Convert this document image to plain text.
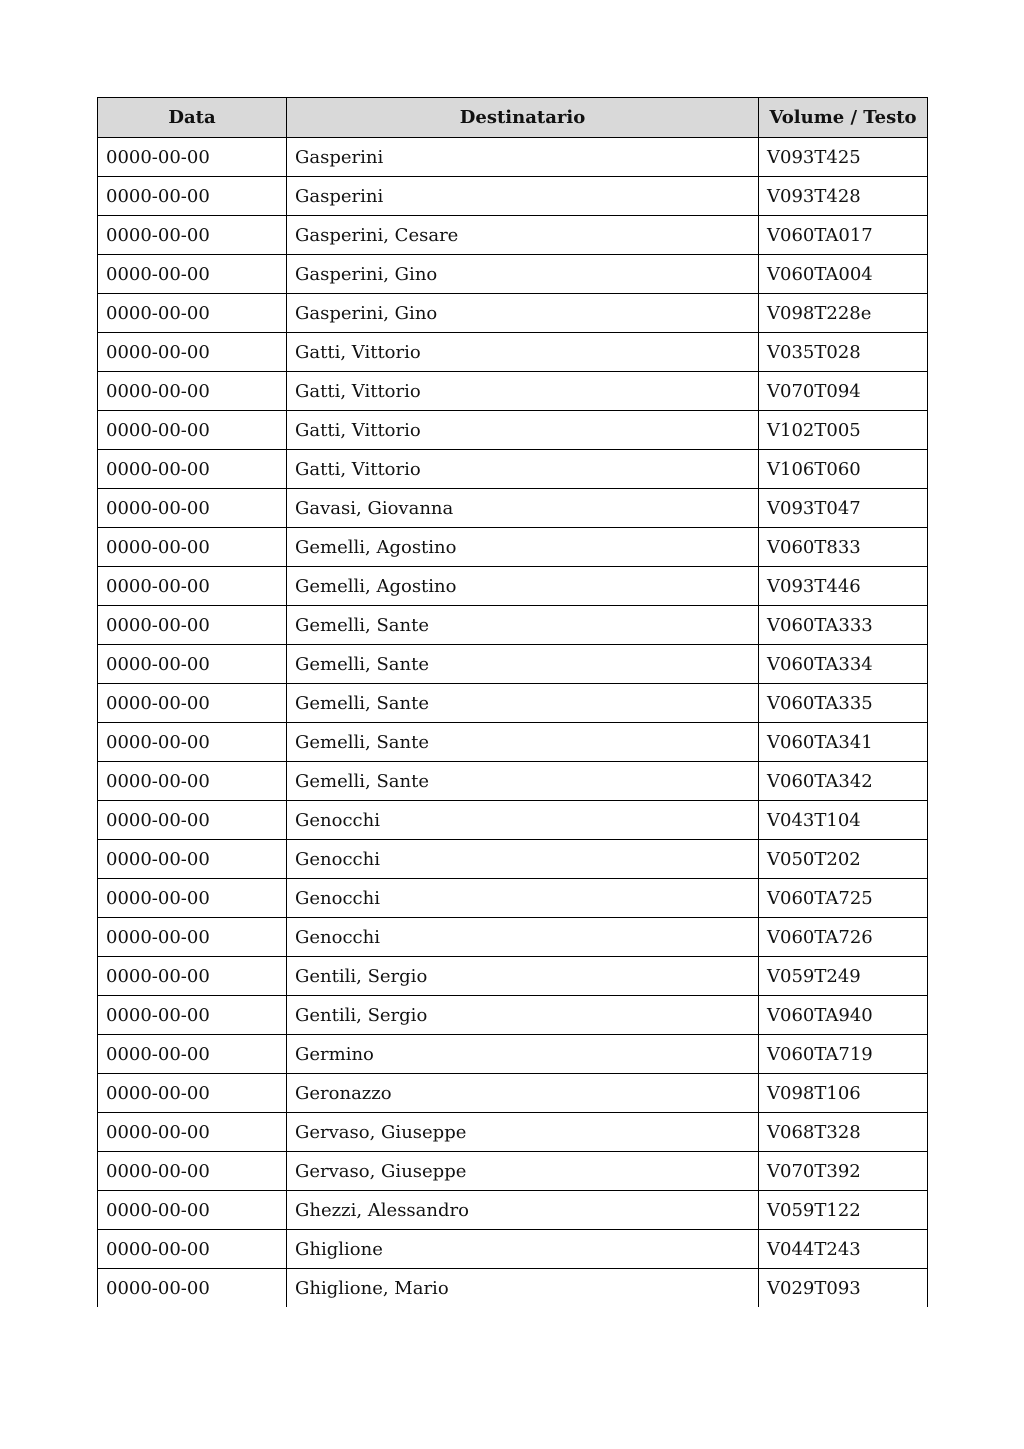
Data	Destinatario	Volume / Testo
0000-00-00	Gasperini	V093T425
0000-00-00	Gasperini	V093T428
0000-00-00	Gasperini, Cesare	V060TA017
0000-00-00	Gasperini, Gino	V060TA004
0000-00-00	Gasperini, Gino	V098T228e
0000-00-00	Gatti, Vittorio	V035T028
0000-00-00	Gatti, Vittorio	V070T094
0000-00-00	Gatti, Vittorio	V102T005
0000-00-00	Gatti, Vittorio	V106T060
0000-00-00	Gavasi, Giovanna	V093T047
0000-00-00	Gemelli, Agostino	V060T833
0000-00-00	Gemelli, Agostino	V093T446
0000-00-00	Gemelli, Sante	V060TA333
0000-00-00	Gemelli, Sante	V060TA334
0000-00-00	Gemelli, Sante	V060TA335
0000-00-00	Gemelli, Sante	V060TA341
0000-00-00	Gemelli, Sante	V060TA342
0000-00-00	Genocchi	V043T104
0000-00-00	Genocchi	V050T202
0000-00-00	Genocchi	V060TA725
0000-00-00	Genocchi	V060TA726
0000-00-00	Gentili, Sergio	V059T249
0000-00-00	Gentili, Sergio	V060TA940
0000-00-00	Germino	V060TA719
0000-00-00	Geronazzo	V098T106
0000-00-00	Gervaso, Giuseppe	V068T328
0000-00-00	Gervaso, Giuseppe	V070T392
0000-00-00	Ghezzi, Alessandro	V059T122
0000-00-00	Ghiglione	V044T243
0000-00-00	Ghiglione, Mario	V029T093
